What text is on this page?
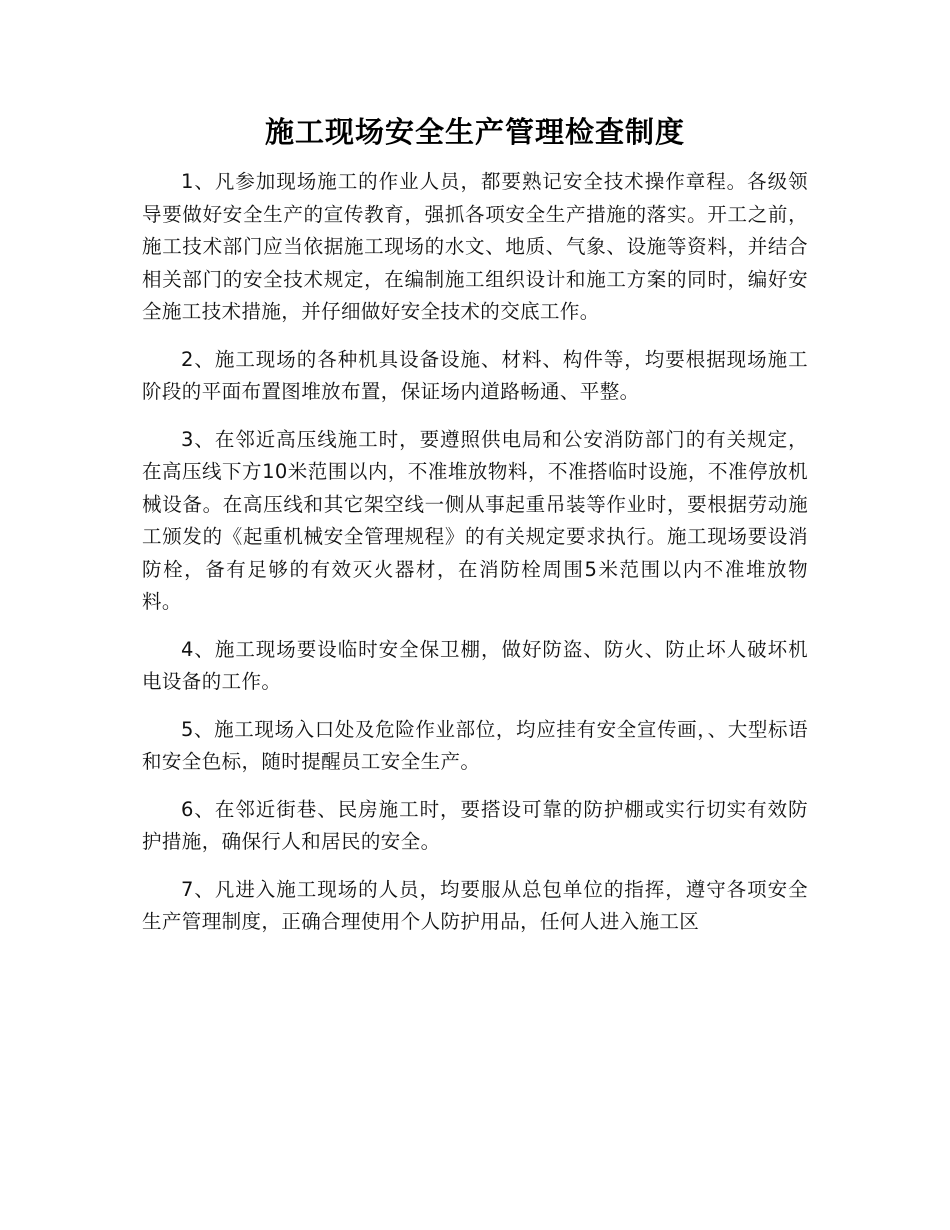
施工现场安全生产管理检查制度

1、凡参加现场施工的作业人员，都要熟记安全技术操作章程。各级领导要做好安全生产的宣传教育，强抓各项安全生产措施的落实。开工之前，施工技术部门应当依据施工现场的水文、地质、气象、设施等资料，并结合相关部门的安全技术规定，在编制施工组织设计和施工方案的同时，编好安全施工技术措施，并仔细做好安全技术的交底工作。

2、施工现场的各种机具设备设施、材料、构件等，均要根据现场施工阶段的平面布置图堆放布置，保证场内道路畅通、平整。

3、在邻近高压线施工时，要遵照供电局和公安消防部门的有关规定，在高压线下方10米范围以内，不准堆放物料，不准搭临时设施，不准停放机械设备。在高压线和其它架空线一侧从事起重吊装等作业时，要根据劳动施工颁发的《起重机械安全管理规程》的有关规定要求执行。施工现场要设消防栓，备有足够的有效灭火器材，在消防栓周围5米范围以内不准堆放物料。

4、施工现场要设临时安全保卫棚，做好防盗、防火、防止坏人破坏机电设备的工作。

5、施工现场入口处及危险作业部位，均应挂有安全宣传画，、大型标语和安全色标，随时提醒员工安全生产。

6、在邻近街巷、民房施工时，要搭设可靠的防护棚或实行切实有效防护措施，确保行人和居民的安全。

7、凡进入施工现场的人员，均要服从总包单位的指挥，遵守各项安全生产管理制度，正确合理使用个人防护用品，任何人进入施工区
